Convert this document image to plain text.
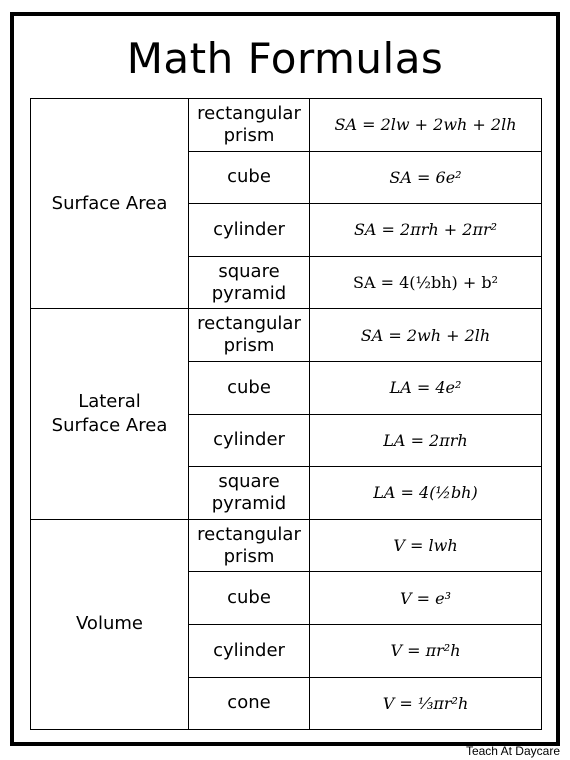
Math Formulas
Surface Area	rectangular prism	SA = 2lw + 2wh + 2lh
	cube	SA = 6e²
	cylinder	SA = 2πrh + 2πr²
	square pyramid	SA = 4(½bh) + b²
Lateral
Surface Area	rectangular prism	SA = 2wh + 2lh
	cube	LA = 4e²
	cylinder	LA = 2πrh
	square pyramid	LA = 4(½bh)
Volume	rectangular prism	V = lwh
	cube	V = e³
	cylinder	V = πr²h
	cone	V = ⅓πr²h
Teach At Daycare
